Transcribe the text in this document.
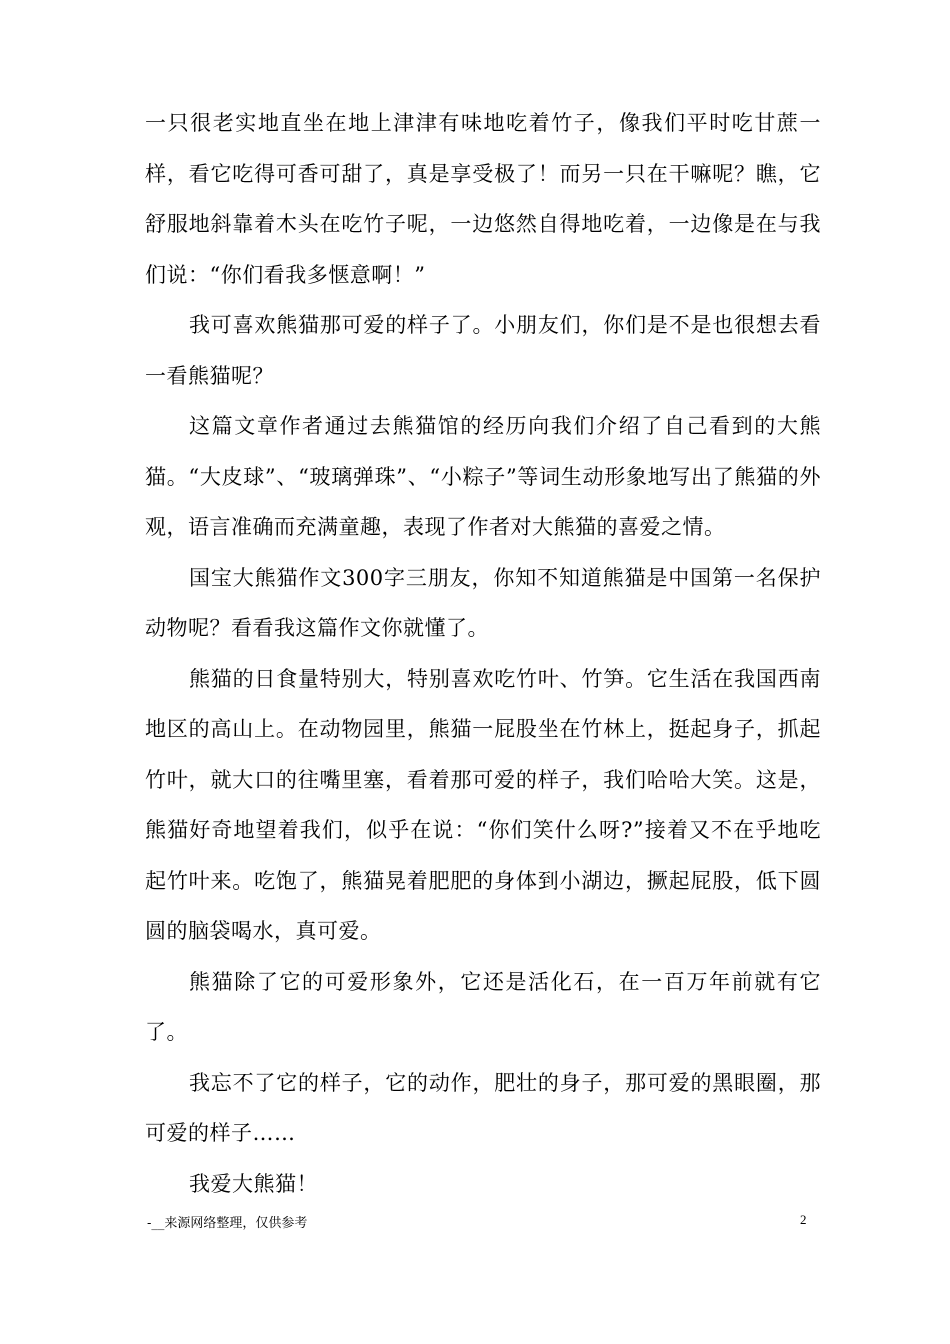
一只很老实地直坐在地上津津有味地吃着竹子，像我们平时吃甘蔗一样，看它吃得可香可甜了，真是享受极了！而另一只在干嘛呢？瞧，它舒服地斜靠着木头在吃竹子呢，一边悠然自得地吃着，一边像是在与我们说：“你们看我多惬意啊！”

我可喜欢熊猫那可爱的样子了。小朋友们，你们是不是也很想去看一看熊猫呢？

这篇文章作者通过去熊猫馆的经历向我们介绍了自己看到的大熊猫。“大皮球”、“玻璃弹珠”、“小粽子”等词生动形象地写出了熊猫的外观，语言准确而充满童趣，表现了作者对大熊猫的喜爱之情。

国宝大熊猫作文300字三朋友，你知不知道熊猫是中国第一名保护动物呢？看看我这篇作文你就懂了。

熊猫的日食量特别大，特别喜欢吃竹叶、竹笋。它生活在我国西南地区的高山上。在动物园里，熊猫一屁股坐在竹林上，挺起身子，抓起竹叶，就大口的往嘴里塞，看着那可爱的样子，我们哈哈大笑。这是，熊猫好奇地望着我们，似乎在说：“你们笑什么呀?”接着又不在乎地吃起竹叶来。吃饱了，熊猫晃着肥肥的身体到小湖边，撅起屁股，低下圆圆的脑袋喝水，真可爱。

熊猫除了它的可爱形象外，它还是活化石，在一百万年前就有它了。

我忘不了它的样子，它的动作，肥壮的身子，那可爱的黑眼圈，那可爱的样子……

我爱大熊猫！

-__来源网络整理，仅供参考	2
